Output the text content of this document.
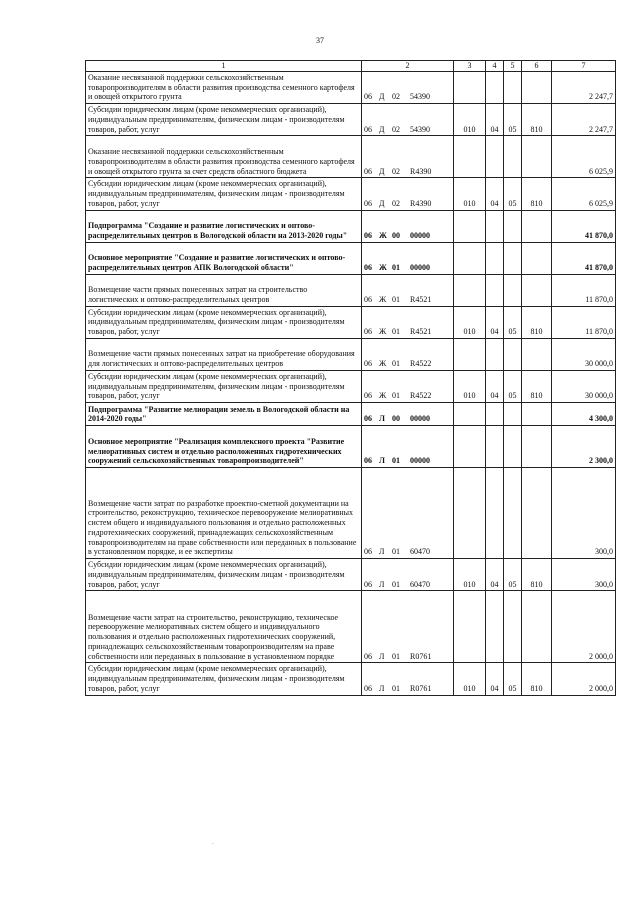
37
1	2	3	4	5	6	7
Оказание несвязанной поддержки сельскохозяйственным товаропроизводителям в области развития производства семенного картофеля и овощей открытого грунта	06 Д 02 54390					2 247,7
Субсидии юридическим лицам (кроме некоммерческих организаций), индивидуальным предпринимателям, физическим лицам - производителям товаров, работ, услуг	06 Д 02 54390	010	04	05	810	2 247,7
Оказание несвязанной поддержки сельскохозяйственным товаропроизводителям в области развития производства семенного картофеля и овощей открытого грунта за счет средств областного бюджета	06 Д 02 R4390					6 025,9
Субсидии юридическим лицам (кроме некоммерческих организаций), индивидуальным предпринимателям, физическим лицам - производителям товаров, работ, услуг	06 Д 02 R4390	010	04	05	810	6 025,9
Подпрограмма "Создание и развитие логистических и оптово-распределительных центров в Вологодской области на 2013-2020 годы"	06 Ж 00 00000					41 870,0
Основное мероприятие "Создание и развитие логистических и оптово-распределительных центров АПК Вологодской области"	06 Ж 01 00000					41 870,0
Возмещение части прямых понесенных затрат на строительство логистических и оптово-распределительных центров	06 Ж 01 R4521					11 870,0
Субсидии юридическим лицам (кроме некоммерческих организаций), индивидуальным предпринимателям, физическим лицам - производителям товаров, работ, услуг	06 Ж 01 R4521	010	04	05	810	11 870,0
Возмещение части прямых понесенных затрат на приобретение оборудования для логистических и оптово-распределительных центров	06 Ж 01 R4522					30 000,0
Субсидии юридическим лицам (кроме некоммерческих организаций), индивидуальным предпринимателям, физическим лицам - производителям товаров, работ, услуг	06 Ж 01 R4522	010	04	05	810	30 000,0
Подпрограмма "Развитие мелиорации земель в Вологодской области на 2014-2020 годы"	06 Л 00 00000					4 300,0
Основное мероприятие "Реализация комплексного проекта "Развитие мелиоративных систем и отдельно расположенных гидротехнических сооружений сельскохозяйственных товаропроизводителей"	06 Л 01 00000					2 300,0
Возмещение части затрат по разработке проектно-сметной документации на строительство, реконструкцию, техническое перевооружение мелиоративных систем общего и индивидуального пользования и отдельно расположенных гидротехнических сооружений, принадлежащих сельскохозяйственным товаропроизводителям на праве собственности или переданных в пользование в установленном порядке, и ее экспертизы	06 Л 01 60470					300,0
Субсидии юридическим лицам (кроме некоммерческих организаций), индивидуальным предпринимателям, физическим лицам - производителям товаров, работ, услуг	06 Л 01 60470	010	04	05	810	300,0
Возмещение части затрат на строительство, реконструкцию, техническое перевооружение мелиоративных систем общего и индивидуального пользования и отдельно расположенных гидротехнических сооружений, принадлежащих сельскохозяйственным товаропроизводителям на праве собственности или переданных в пользование в установленном порядке	06 Л 01 R0761					2 000,0
Субсидии юридическим лицам (кроме некоммерческих организаций), индивидуальным предпринимателям, физическим лицам - производителям товаров, работ, услуг	06 Л 01 R0761	010	04	05	810	2 000,0
.
